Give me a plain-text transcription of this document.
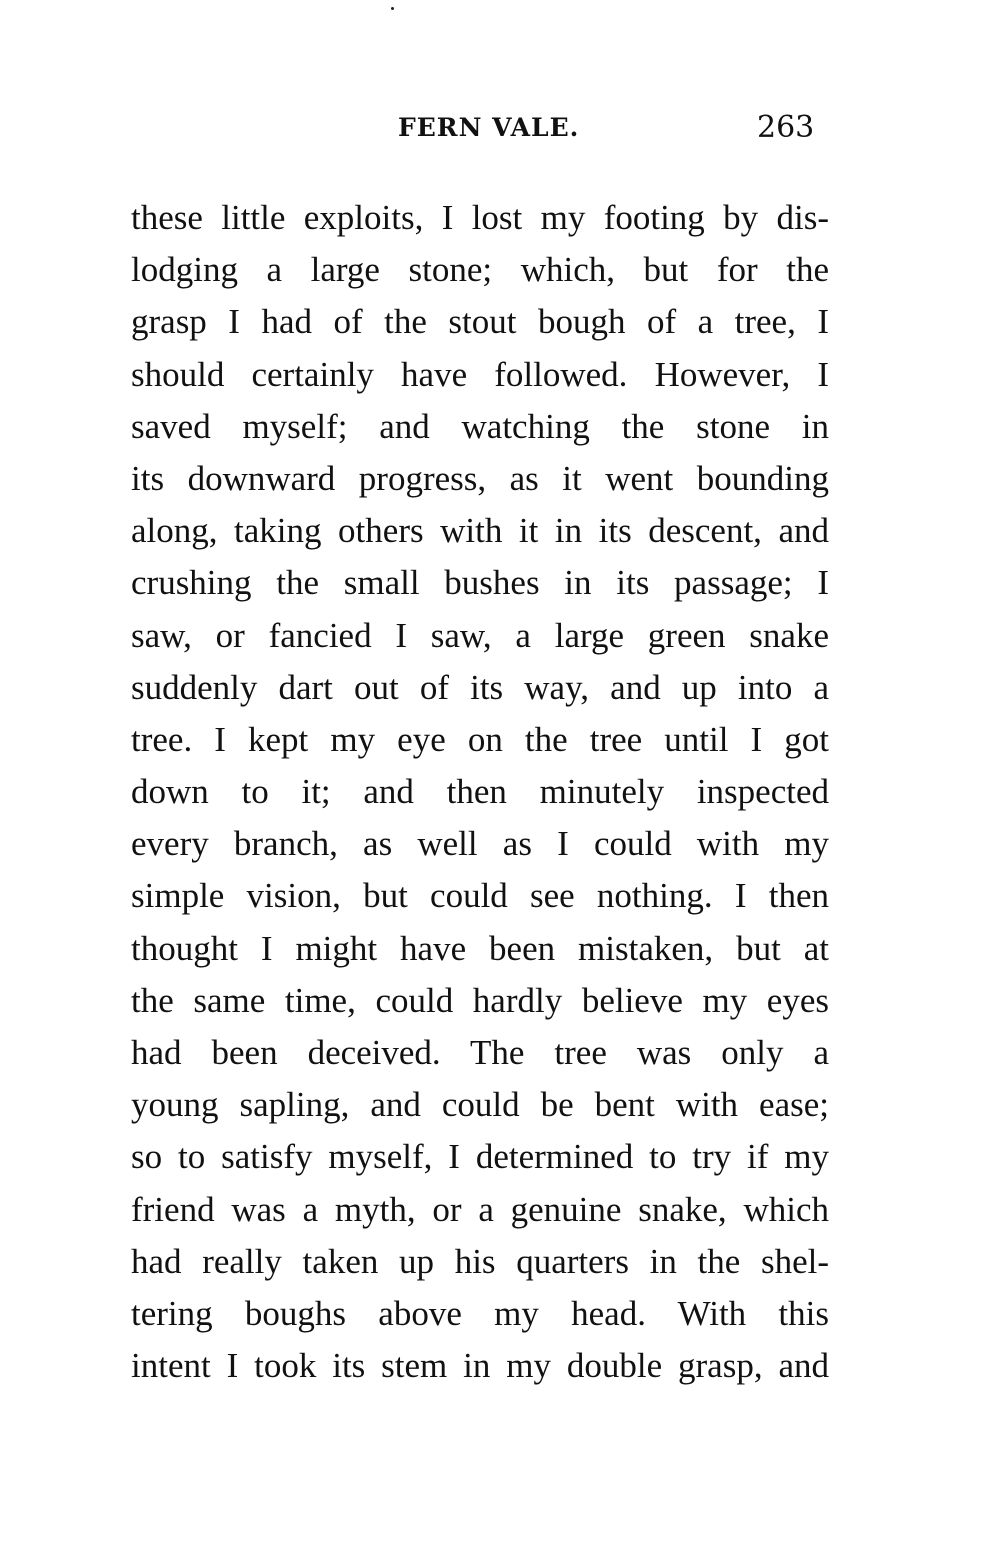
FERN VALE.	263
these little exploits, I lost my footing by dis-
lodging a large stone; which, but for the
grasp I had of the stout bough of a tree, I
should certainly have followed. However, I
saved myself; and watching the stone in
its downward progress, as it went bounding
along, taking others with it in its descent, and
crushing the small bushes in its passage; I
saw, or fancied I saw, a large green snake
suddenly dart out of its way, and up into a
tree. I kept my eye on the tree until I got
down to it; and then minutely inspected
every branch, as well as I could with my
simple vision, but could see nothing. I then
thought I might have been mistaken, but at
the same time, could hardly believe my eyes
had been deceived. The tree was only a
young sapling, and could be bent with ease;
so to satisfy myself, I determined to try if my
friend was a myth, or a genuine snake, which
had really taken up his quarters in the shel-
tering boughs above my head. With this
intent I took its stem in my double grasp, and
